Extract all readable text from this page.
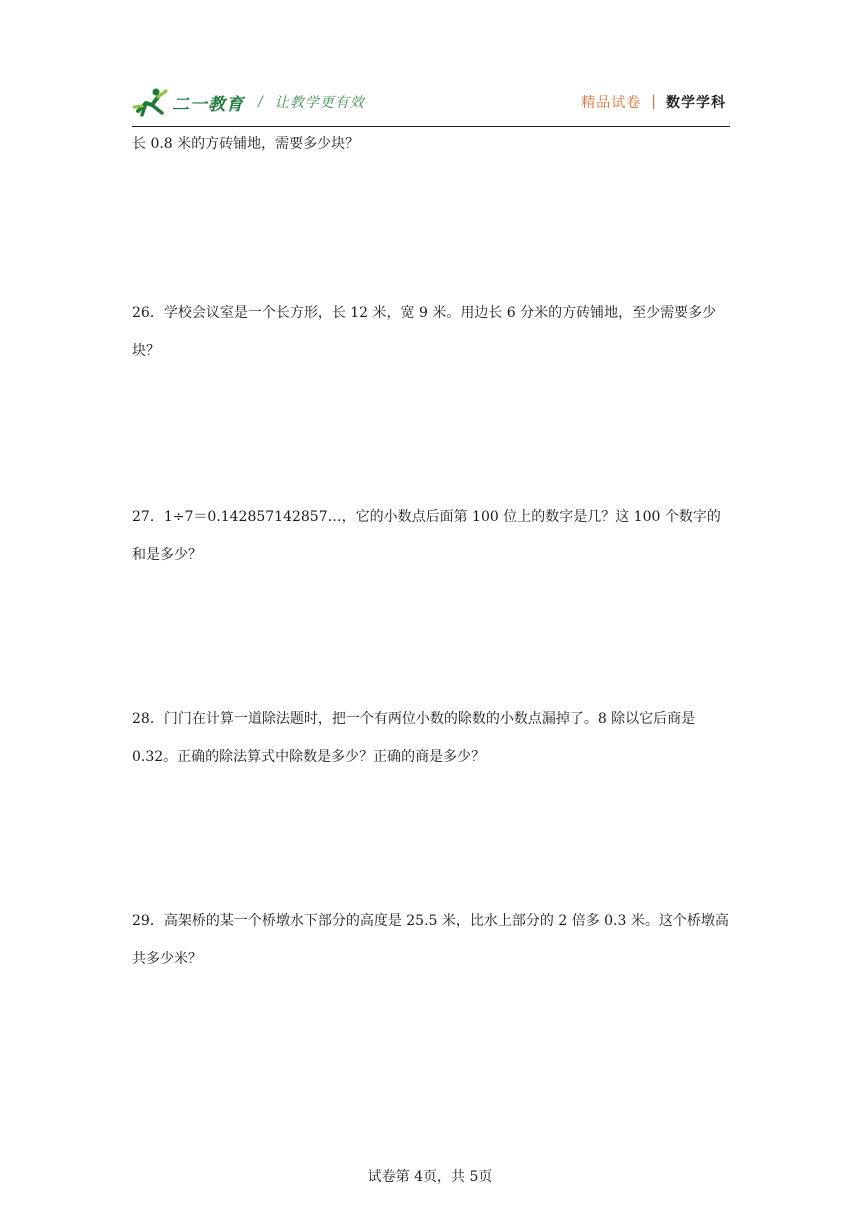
二一教育 / 让教学更有效	精品试卷 | 数学学科

长 0.8 米的方砖铺地，需要多少块？

26．学校会议室是一个长方形，长 12 米，宽 9 米。用边长 6 分米的方砖铺地，至少需要多少块？

27．1÷7＝0.142857142857…，它的小数点后面第 100 位上的数字是几？这 100 个数字的和是多少？

28．门门在计算一道除法题时，把一个有两位小数的除数的小数点漏掉了。8 除以它后商是 0.32。正确的除法算式中除数是多少？正确的商是多少？

29．高架桥的某一个桥墩水下部分的高度是 25.5 米，比水上部分的 2 倍多 0.3 米。这个桥墩高共多少米？

试卷第 4页，共 5页
